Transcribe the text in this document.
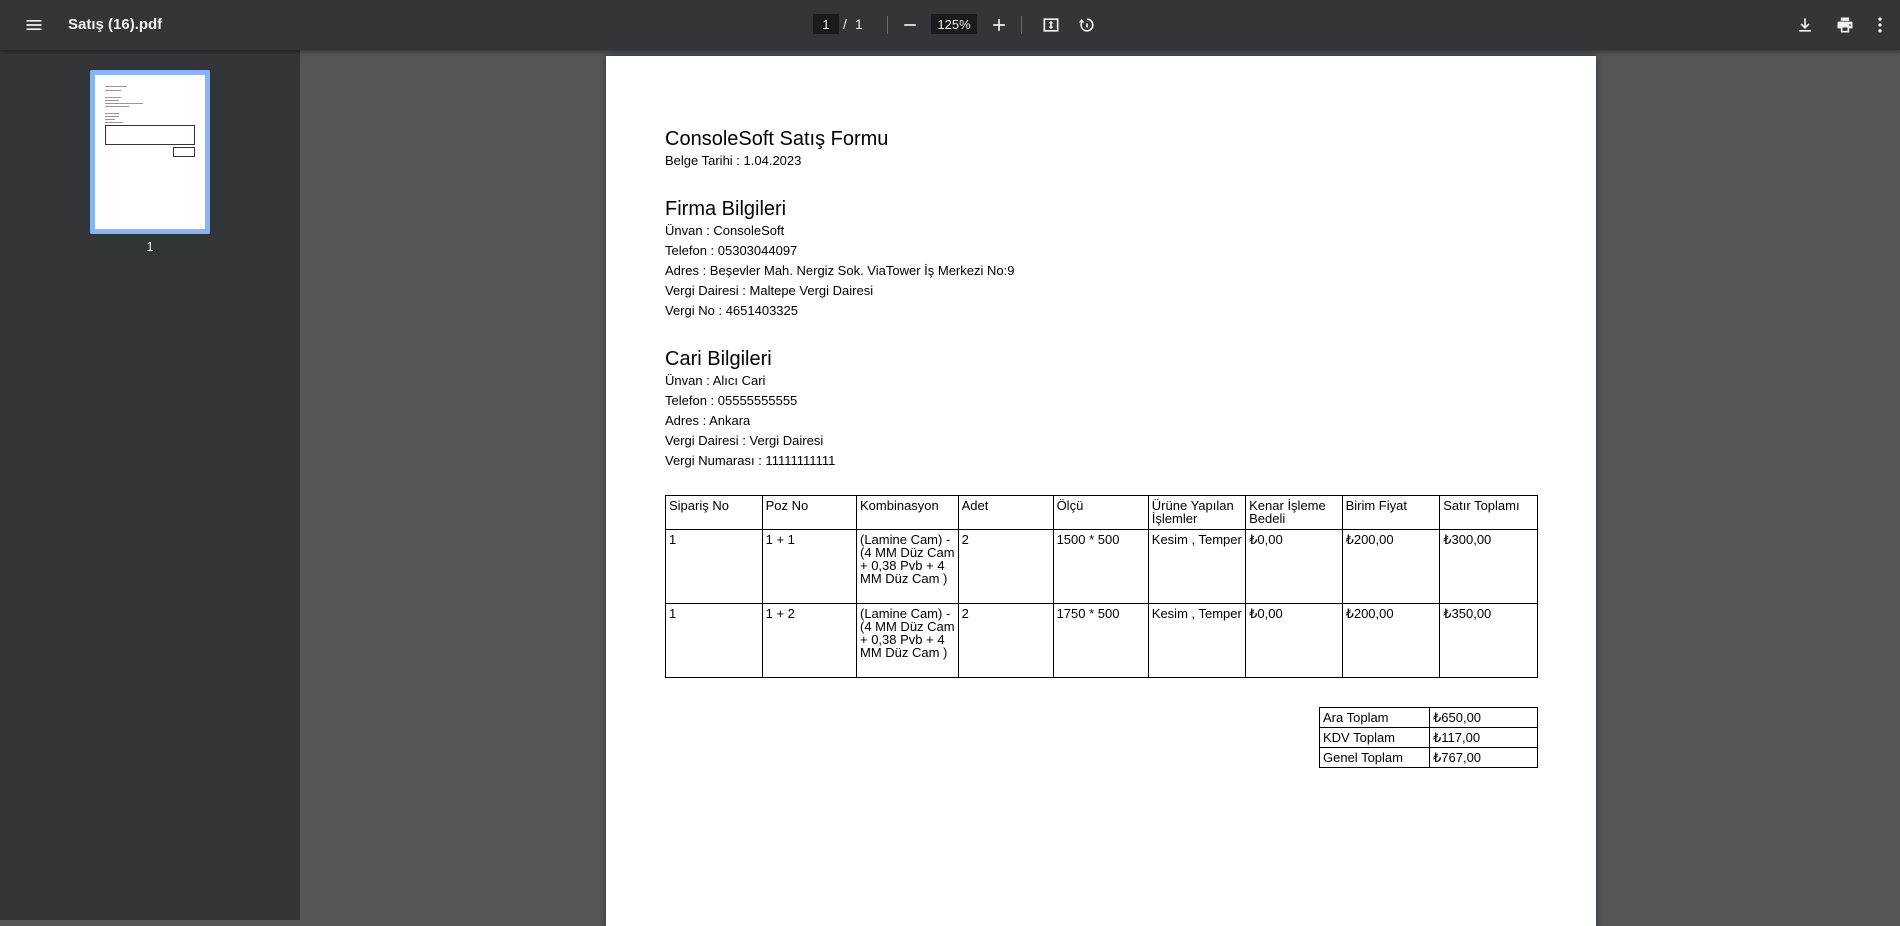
Satış (16).pdf
1	/ 1
125%
1
ConsoleSoft Satış Formu
Belge Tarihi : 1.04.2023
Firma Bilgileri
Ünvan : ConsoleSoft
Telefon : 05303044097
Adres : Beşevler Mah. Nergiz Sok. ViaTower İş Merkezi No:9
Vergi Dairesi : Maltepe Vergi Dairesi
Vergi No : 4651403325
Cari Bilgileri
Ünvan : Alıcı Cari
Telefon : 05555555555
Adres : Ankara
Vergi Dairesi : Vergi Dairesi
Vergi Numarası : 11111111111
Sipariş No	Poz No	Kombinasyon	Adet	Ölçü	Ürüne Yapılan İşlemler	Kenar İşleme Bedeli	Birim Fiyat	Satır Toplamı
1	1 + 1	(Lamine Cam) -(4 MM Düz Cam + 0,38 Pvb + 4 MM Düz Cam )	2	1500 * 500	Kesim , Temper	₺0,00	₺200,00	₺300,00
1	1 + 2	(Lamine Cam) -(4 MM Düz Cam + 0,38 Pvb + 4 MM Düz Cam )	2	1750 * 500	Kesim , Temper	₺0,00	₺200,00	₺350,00
Ara Toplam	₺650,00
KDV Toplam	₺117,00
Genel Toplam	₺767,00
